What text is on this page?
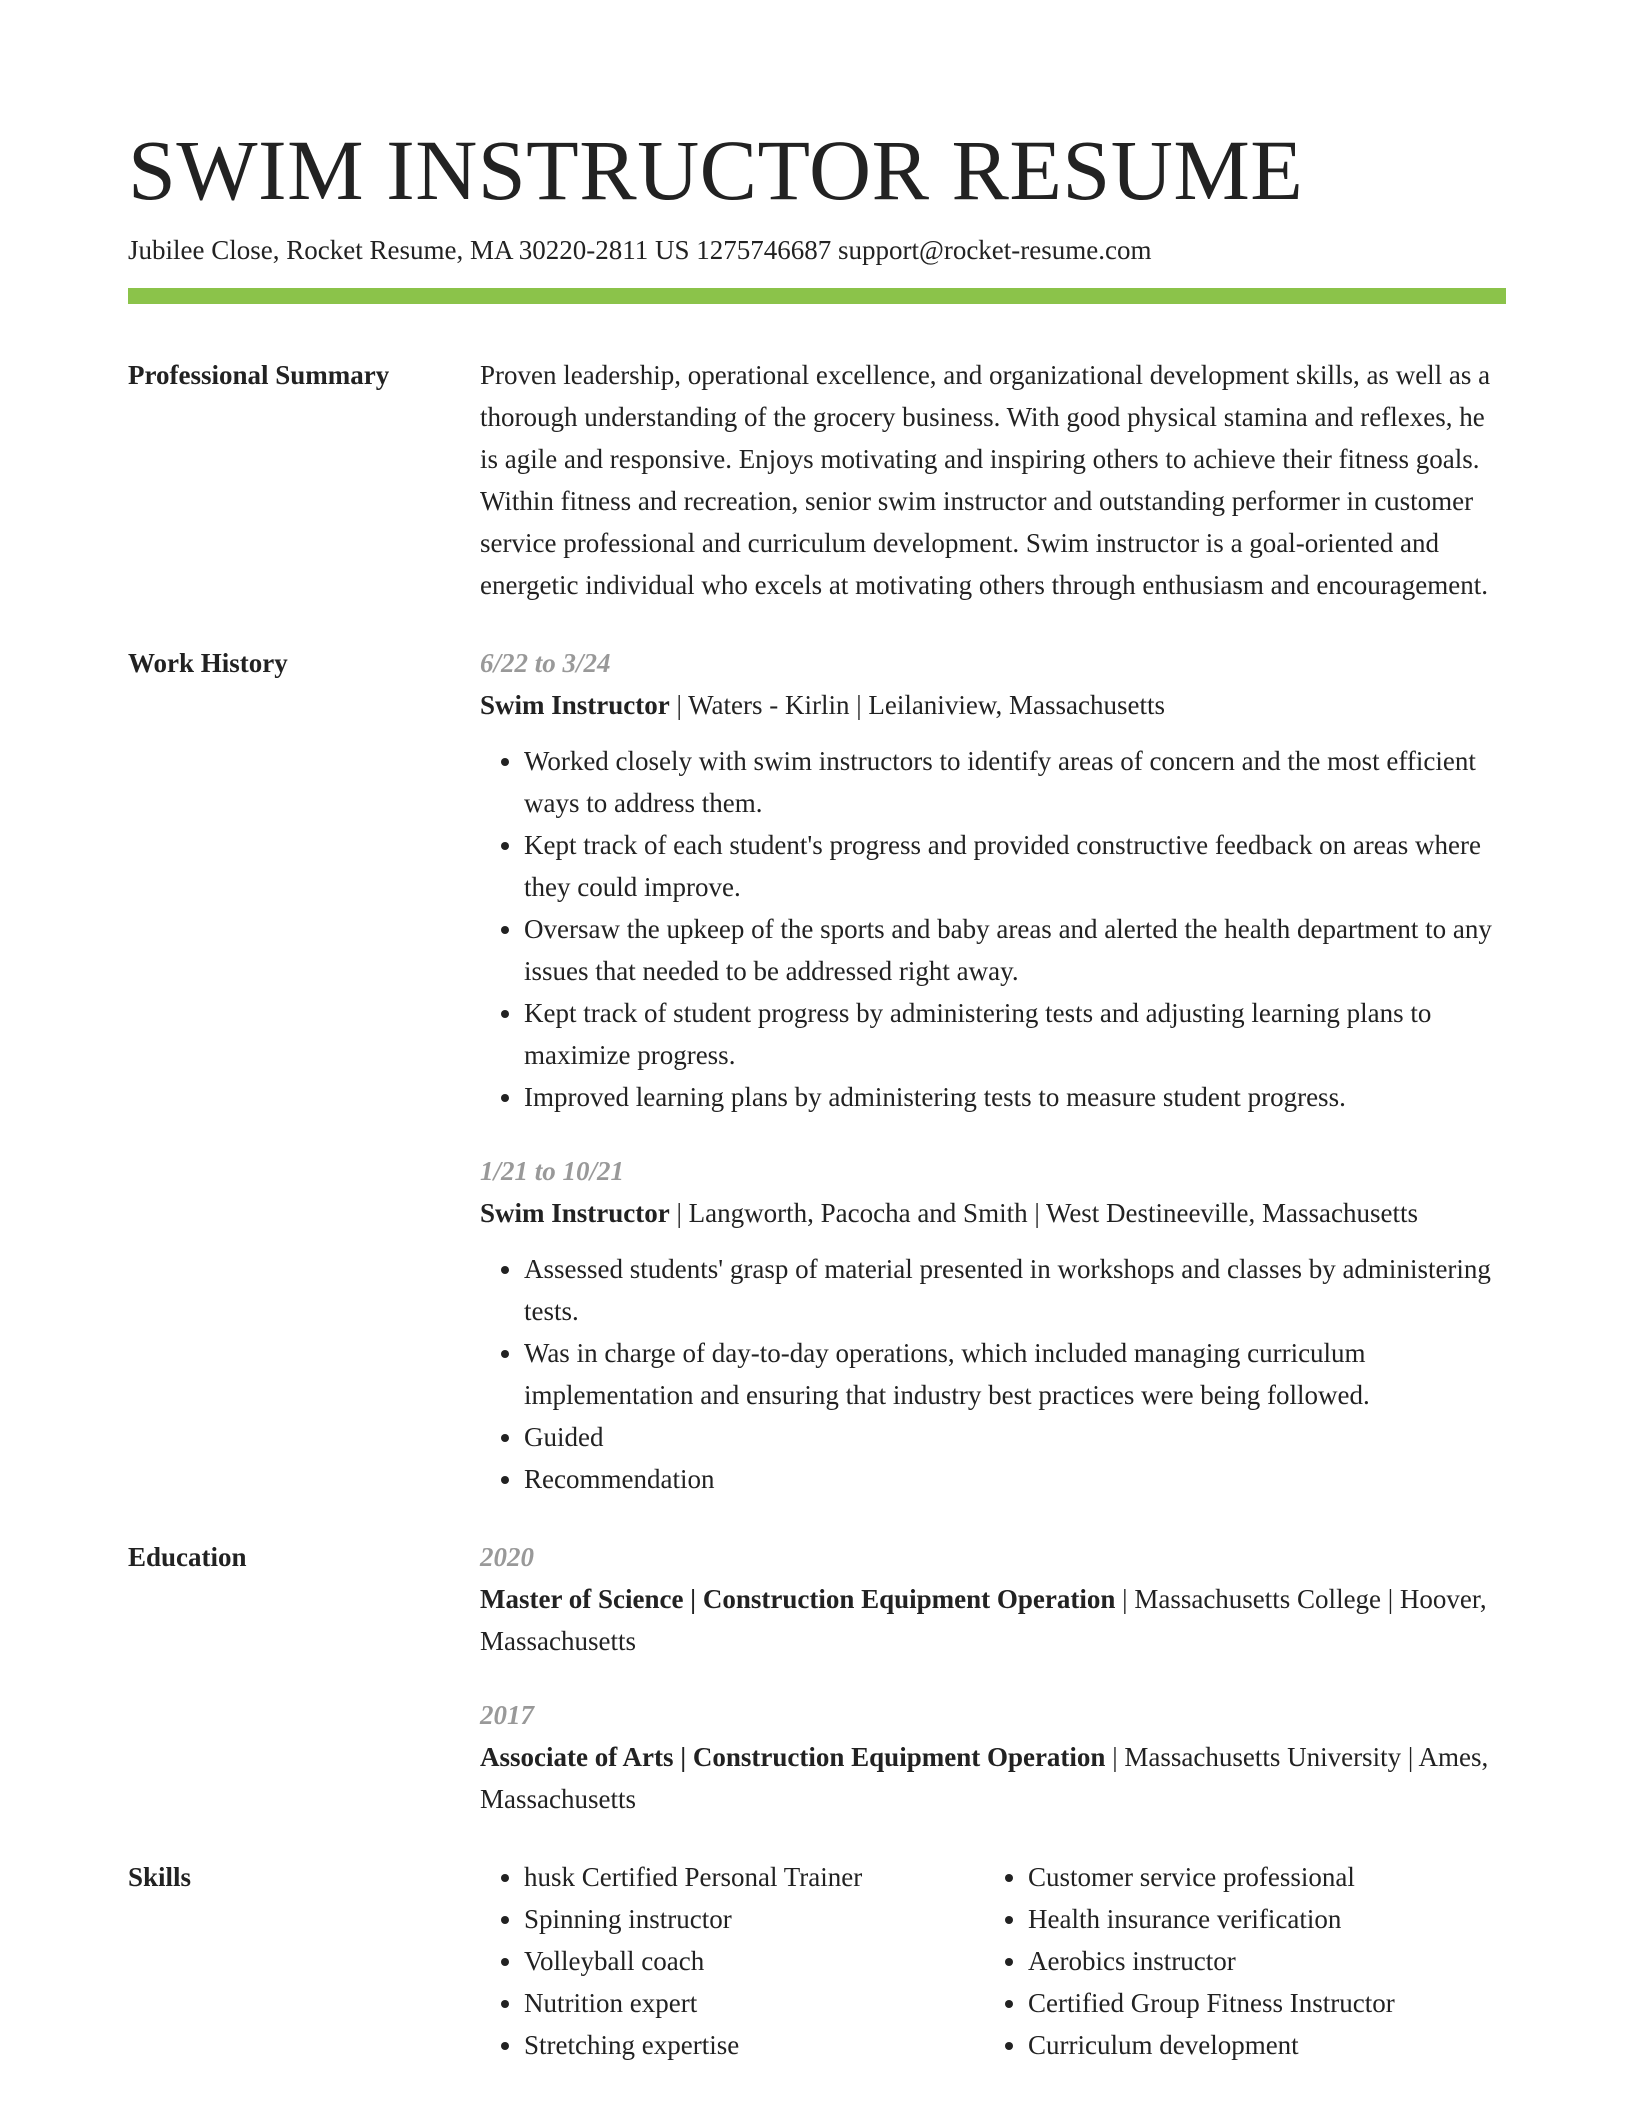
SWIM INSTRUCTOR RESUME
Jubilee Close, Rocket Resume, MA 30220-2811 US 1275746687 support@rocket-resume.com
Professional Summary	Proven leadership, operational excellence, and organizational development skills, as well as a thorough understanding of the grocery business. With good physical stamina and reflexes, he is agile and responsive. Enjoys motivating and inspiring others to achieve their fitness goals. Within fitness and recreation, senior swim instructor and outstanding performer in customer service professional and curriculum development. Swim instructor is a goal-oriented and energetic individual who excels at motivating others through enthusiasm and encouragement.

Work History	6/22 to 3/24
Swim Instructor | Waters - Kirlin | Leilaniview, Massachusetts
• Worked closely with swim instructors to identify areas of concern and the most efficient ways to address them.
• Kept track of each student's progress and provided constructive feedback on areas where they could improve.
• Oversaw the upkeep of the sports and baby areas and alerted the health department to any issues that needed to be addressed right away.
• Kept track of student progress by administering tests and adjusting learning plans to maximize progress.
• Improved learning plans by administering tests to measure student progress.
1/21 to 10/21
Swim Instructor | Langworth, Pacocha and Smith | West Destineeville, Massachusetts
• Assessed students' grasp of material presented in workshops and classes by administering tests.
• Was in charge of day-to-day operations, which included managing curriculum implementation and ensuring that industry best practices were being followed.
• Guided
• Recommendation
Education	2020
Master of Science | Construction Equipment Operation | Massachusetts College | Hoover, Massachusetts
2017
Associate of Arts | Construction Equipment Operation | Massachusetts University | Ames, Massachusetts
Skills
•	husk Certified Personal Trainer
• Spinning instructor
• Volleyball coach
• Nutrition expert
• Stretching expertise
• Customer service professional
• Health insurance verification
• Aerobics instructor
• Certified Group Fitness Instructor
• Curriculum development
